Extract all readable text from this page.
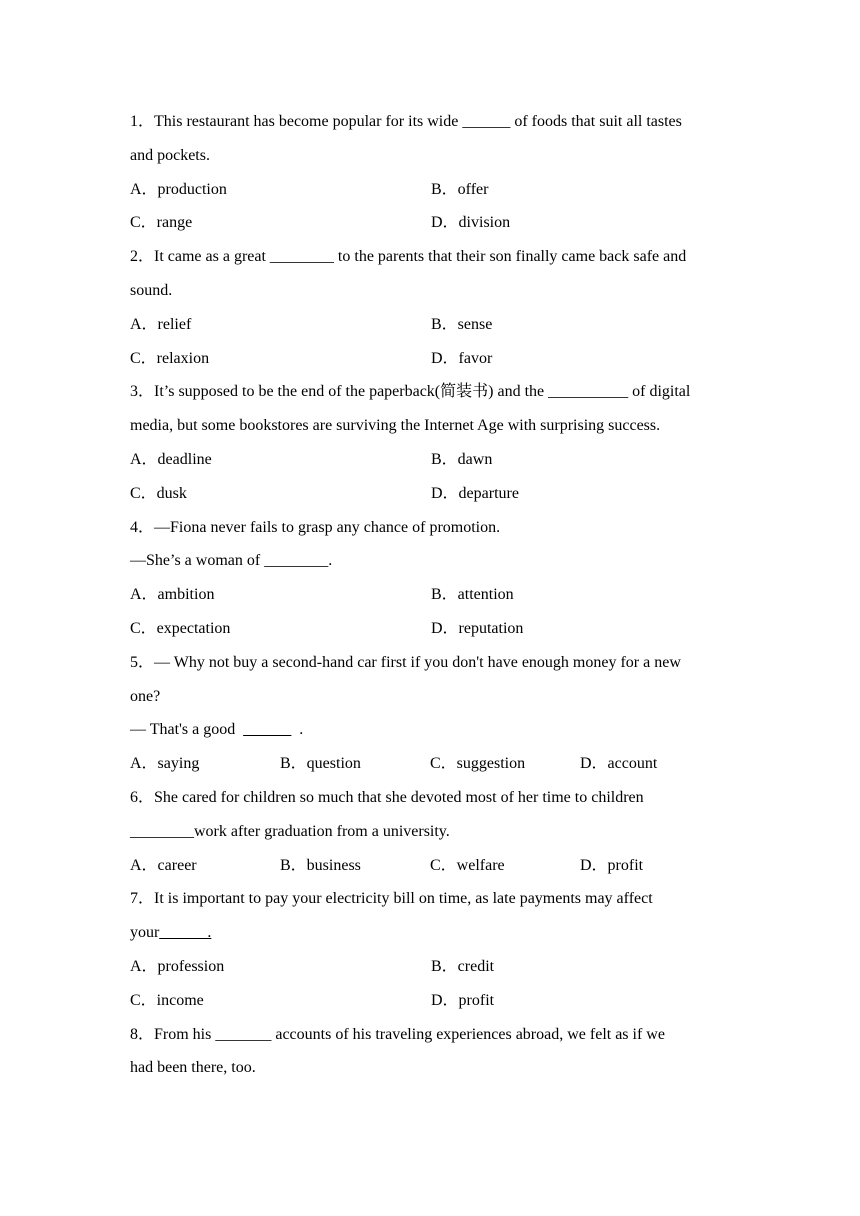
1．This restaurant has become popular for its wide ______ of foods that suit all tastes
and pockets.
A．production	B．offer
C．range	D．division
2．It came as a great ________ to the parents that their son finally came back safe and
sound.
A．relief	B．sense
C．relaxion	D．favor
3．It’s supposed to be the end of the paperback(简装书) and the __________ of digital
media, but some bookstores are surviving the Internet Age with surprising success.
A．deadline	B．dawn
C．dusk	D．departure
4．—Fiona never fails to grasp any chance of promotion.
—She’s a woman of ________.
A．ambition	B．attention
C．expectation	D．reputation
5．— Why not buy a second-hand car first if you don't have enough money for a new
one?
— That's a good  ______  .
A．saying	B．question	C．suggestion	D．account
6．She cared for children so much that she devoted most of her time to children
________work after graduation from a university.
A．career	B．business	C．welfare	D．profit
7．It is important to pay your electricity bill on time, as late payments may affect
your______.
A．profession	B．credit
C．income	D．profit
8．From his _______ accounts of his traveling experiences abroad, we felt as if we
had been there, too.
